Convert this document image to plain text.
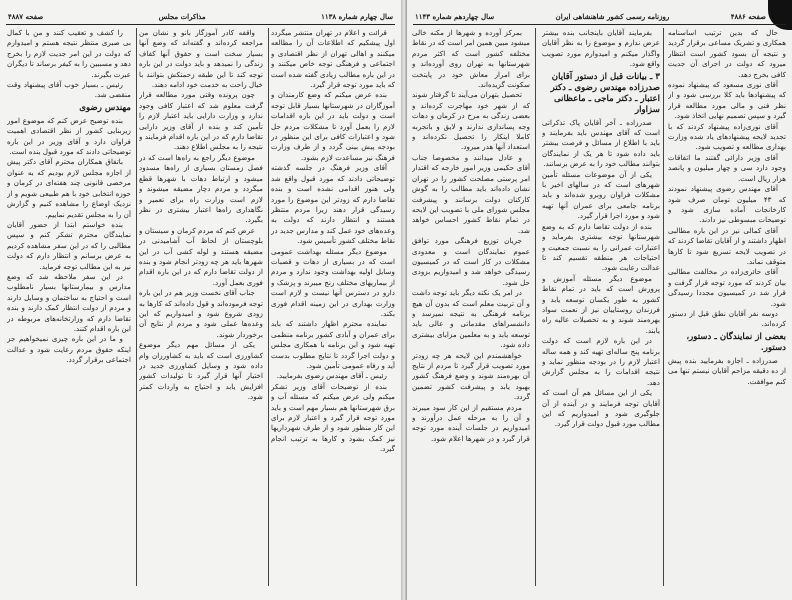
سال چهارم شماره ۱۱۳۸
مذاکرات مجلس
صفحه ۴۸۸۷

قرائت و اعلام در تهران منتشر میگردد اول پیشکیم که اطلاعات آن را مطالعه میکنند و اهالی تهران از نظر اقتصادی و اجتماعی و فرهنگی توجه خاص میکنند و در این باره مطالب زیادی گفته شده است که باید مورد توجه قرار گیرد.

بنده عرض میکنم که وضع کارمندان و آموزگاران در شهرستانها بسیار قابل توجه است و دولت باید در این باره اقدامات لازم را بعمل آورد تا مشکلات مردم حل شود و اعتبارات کافی برای این منظور در بودجه پیش بینی گردد و از طرف وزارت فرهنگ نیز مساعدت لازم بشود.

آقای وزیر فرهنگ در جلسه گذشته توضیحاتی دادند که مورد قبول واقع شد ولی هنوز اقدامی نشده است و بنده تقاضا دارم که زودتر این موضوع را مورد رسیدگی قرار دهند زیرا مردم منتظر هستند و انتظار دارند که دولت به وعده‌های خود عمل کند و مدارس جدید در نقاط مختلف کشور تأسیس شود.

موضوع دیگر مسئله بهداشت عمومی است که در بسیاری از دهات و قصبات وسایل اولیه بهداشت وجود ندارد و مردم از بیماریهای مختلف رنج میبرند و پزشک و دارو در دسترس آنها نیست و لازم است وزارت بهداری در این زمینه اقدام فوری بکند.

نماینده محترم اظهار داشتند که باید برای عمران و آبادی کشور برنامه منظمی تهیه شود و این برنامه با همکاری مجلس و دولت اجرا گردد تا نتایج مطلوب بدست آید و رفاه عمومی تأمین شود.

رئیس ـ آقای مهندس رضوی بفرمایید.

بنده از توضیحات آقای وزیر تشکر میکنم ولی عرض میکنم که مسئله آب و برق شهرستانها هم بسیار مهم است و باید مورد توجه قرار گیرد و اعتبار لازم برای این کار منظور شود و از طرف شهرداریها نیز کمک بشود و کارها به ترتیب انجام گیرد.

واقفه کادر آموزگار بانو و نشان من مراجعه کرده‌اند و گفته‌اند که وضع آنها بسیار سخت است و حقوق آنها کفاف زندگی را نمیدهد و باید دولت در این باره توجه کند تا این طبقه زحمتکش بتوانند با خیال راحت به خدمت خود ادامه دهند.

چون پرونده وقتی مورد مطالعه قرار گرفت معلوم شد که اعتبار کافی وجود ندارد و وزارت دارایی باید اعتبار لازم را تأمین کند و بنده از آقای وزیر دارایی تقاضا دارم که در این باره اقدام فرمایند و نتیجه را به مجلس اطلاع دهند.

موضوع دیگر راجع به راه‌ها است که در فصل زمستان بسیاری از راه‌ها مسدود میشود و ارتباط دهات با شهرها قطع میگردد و مردم دچار مضیقه میشوند و لازم است وزارت راه برای تعمیر و نگاهداری راه‌ها اعتبار بیشتری در نظر بگیرد.

عرض کنم که مردم کرمان و سیستان و بلوچستان از لحاظ آب آشامیدنی در مضیقه هستند و لوله کشی آب در این شهرها باید هر چه زودتر انجام شود و بنده از دولت تقاضا دارم که در این باره اقدام فوری بعمل آورد.

جناب آقای نخست وزیر هم در این باره توجه فرموده‌اند و قول داده‌اند که کارها به زودی شروع شود و امیدواریم که این وعده‌ها عملی شود و مردم از نتایج آن برخوردار شوند.

یکی از مسائل مهم دیگر موضوع کشاورزی است که باید به کشاورزان وام داده شود و وسایل کشاورزی جدید در اختیار آنها قرار گیرد تا تولیدات کشور افزایش یابد و احتیاج به واردات کمتر شود.

را کشف و تعقیب کنند و من با کمال بی صبری منتظر نتیجه هستم و امیدوارم که دولت در این امر جدیت لازم را بخرج دهد و مسببین را به کیفر برساند تا دیگران عبرت بگیرند.

رئیس ـ بسیار خوب آقای پیشنهاد وقت منقضی شد.

مهندس رضوی

بنده توضیح عرض کنم که موضوع امور زیربنایی کشور از نظر اقتصادی اهمیت فراوان دارد و آقای وزیر در این باره توضیحاتی دادند که مورد قبول بنده است.

باتفاق همکاران محترم آقای دکتر پیش از اجازه مجلس لازم بودیم که به عنوان مرخصی قانونی چند هفته‌ای در کرمان و حوزه انتخابی خود با هم طبیعی شویم و از نزدیک اوضاع را مشاهده کنیم و گزارش آن را به مجلس تقدیم نماییم.

بنده خواستم ابتدا از حضور آقایان نمایندگان محترم تشکر کنم و سپس مطالبی را که در این سفر مشاهده کردیم به عرض برسانم و انتظار دارم که دولت نیز به این مطالب توجه فرماید.

در این سفر ملاحظه شد که وضع مدارس و بیمارستانها بسیار نامطلوب است و احتیاج به ساختمان و وسایل دارند و مردم از دولت انتظار کمک دارند و بنده تقاضا دارم که وزارتخانه‌های مربوطه در این باره اقدام کنند.

و ما در این باره چیزی نمیخواهیم جز اینکه حقوق مردم رعایت شود و عدالت اجتماعی برقرار گردد.

صفحه ۴۸۸۶
روزنامه رسمی کشور شاهنشاهی ایران
سال چهاردهم شماره ۱۱۴۳

حال که بدین ترتیب اساسنامه همکاری و تشریک مساعی برقرار گردید و نتیجه آن بسود کشور است انتظار میرود که دولت در اجرای آن جدیت کافی بخرج دهد.

آقای نوری مسعود که پیشنهاد نموده که پیشنهادها باید کلا بررسی شود و از نظر فنی و مالی مورد مطالعه قرار گیرد و سپس تصمیم نهایی اتخاذ شود.

آقای نوری‌زاده پیشنهاد کردند که با تجدید لایحه پیشنهادهای یاد شده وزارت بهداری مطالعه و تصویب شود.

آقای وزیر دارائی گفتند ما اتفاقات وجود دارد سی و چهار میلیون و پانصد هزار ریال است.

آقای مهندس رضوی پیشنهاد نمودند که ۴۳ میلیون تومان صرف شود کارخانجات آماده سازی شود و توضیحات مبسوطی نیز دادند.

آقای کمالی نیز در این باره مطالبی اظهار داشتند و از آقایان تقاضا کردند که در تصویب لایحه تسریع شود تا کارها متوقف نماند.

آقای حائری‌زاده در مخالفت مطالبی بیان کردند که مورد توجه قرار گرفت و قرار شد در کمیسیون مجددا رسیدگی شود.

دوسه نفر آقایان نطق قبل از دستور کرده‌اند.

بعضی از نمایندگان ـ دستور، دستور.

صدرزاده ـ اجازه بفرمایید بنده پیش از ده دقیقه مزاحم آقایان نیستم تنها می کنم موافقت.

بفرمایند آقایان باینجانب بنده بیشتر عرض ندارم و موضوع را به نظر آقایان واگذار میکنم و امیدوارم مورد تصویب واقع شود.

۳ ـ بیانات قبل از دستور آقایان صدرزاده مهندس رضوی ـ دکتر اعتبار ـ دکتر ماجی ـ ماعظانی سزاوار

صدرزاده ـ آخر آقایان پاک تذکراتی است که آقای مهندس باید بفرمایند و باید با اطلاع از مسائل و فرصت بیشتر باید داده شود تا هر یک از نمایندگان بتوانند مطالب خود را به عرض برسانند.

یکی از آن موضوعات مسئله تأمین شهرهای است که در سالهای اخیر با مشکلات فراوان روبرو شده‌اند و باید برنامه جامعی برای عمران آنها تهیه شود و مورد اجرا قرار گیرد.

بنده از دولت تقاضا دارم که به وضع شهرستانها توجه بیشتری بفرماید و اعتبارات عمرانی را به نسبت جمعیت و احتیاجات هر منطقه تقسیم کند تا عدالت رعایت شود.

موضوع دیگر مسئله آموزش و پرورش است که باید در تمام نقاط کشور به طور یکسان توسعه یابد و فرزندان روستاییان نیز از نعمت سواد بهره‌مند شوند و به تحصیلات عالیه راه یابند.

در این باره لازم است که دولت برنامه پنج ساله‌ای تهیه کند و همه ساله اعتبار لازم را در بودجه منظور نماید و نتیجه اقدامات را به مجلس گزارش دهد.

یکی از این مسائل هم آن است که آقایان توجه فرمایند و در آینده از آن جلوگیری شود و امیدواریم که این مطالب مورد قبول دولت قرار گیرد.

بمرکز آورده و شهرها از مکنه خالی میشود مبین همین امر است که در نقاط مختلفه کشور است که اکثر مردم شهرستانها به تهران روی آورده‌اند و برای امرار معاش خود در پایتخت سکونت گزیده‌اند.

تحصیل بتهران می‌آیند تا گرفتار شوند که از شهر خود مهاجرت کرده‌اند و بعضی زندگی به مرخ در کرمان و دهات وجه پساندازی ندارند و لایق و باتجربه کاملا اینکار را تحصیل نکرده‌اند و استعداد آنها هدر میرود.

و عادل میدانند و مخصوصا جناب آقای حکیمی وزیر امور خارجه که اقتدار امر پرستی مصلحت کشور را در تهران نشان داده‌اند باید مطالب را به گوش کارکنان دولت برسانند و پیشرفت مجلس شورای ملی با تصویب این لایحه در تمام نقاط کشور احساس خواهد شد.

جریان توزیع فرهنگی مورد توافق عموم نمایندگان است و معدودی مشکلات در کار است که در کمیسیون رسیدگی خواهد شد و امیدواریم بزودی حل شود.

در امر یک نکته دیگر باید توجه داشت و آن تربیت معلم است که بدون آن هیچ برنامه فرهنگی به نتیجه نمیرسد و دانشسراهای مقدماتی و عالی باید توسعه یابد و به معلمین مزایای بیشتری داده شود.

خواهشمندم این لایحه هر چه زودتر مورد تصویب قرار گیرد تا مردم از نتایج آن بهره‌مند شوند و وضع فرهنگ کشور بهبود یابد و پیشرفت کشور تضمین گردد.

مردم مستقیم از این کار سود میبرند و آن را به مرحله عمل درآورند و امیدواریم در جلسات آینده مورد توجه قرار گیرد و در شهرها اعلام شود.
